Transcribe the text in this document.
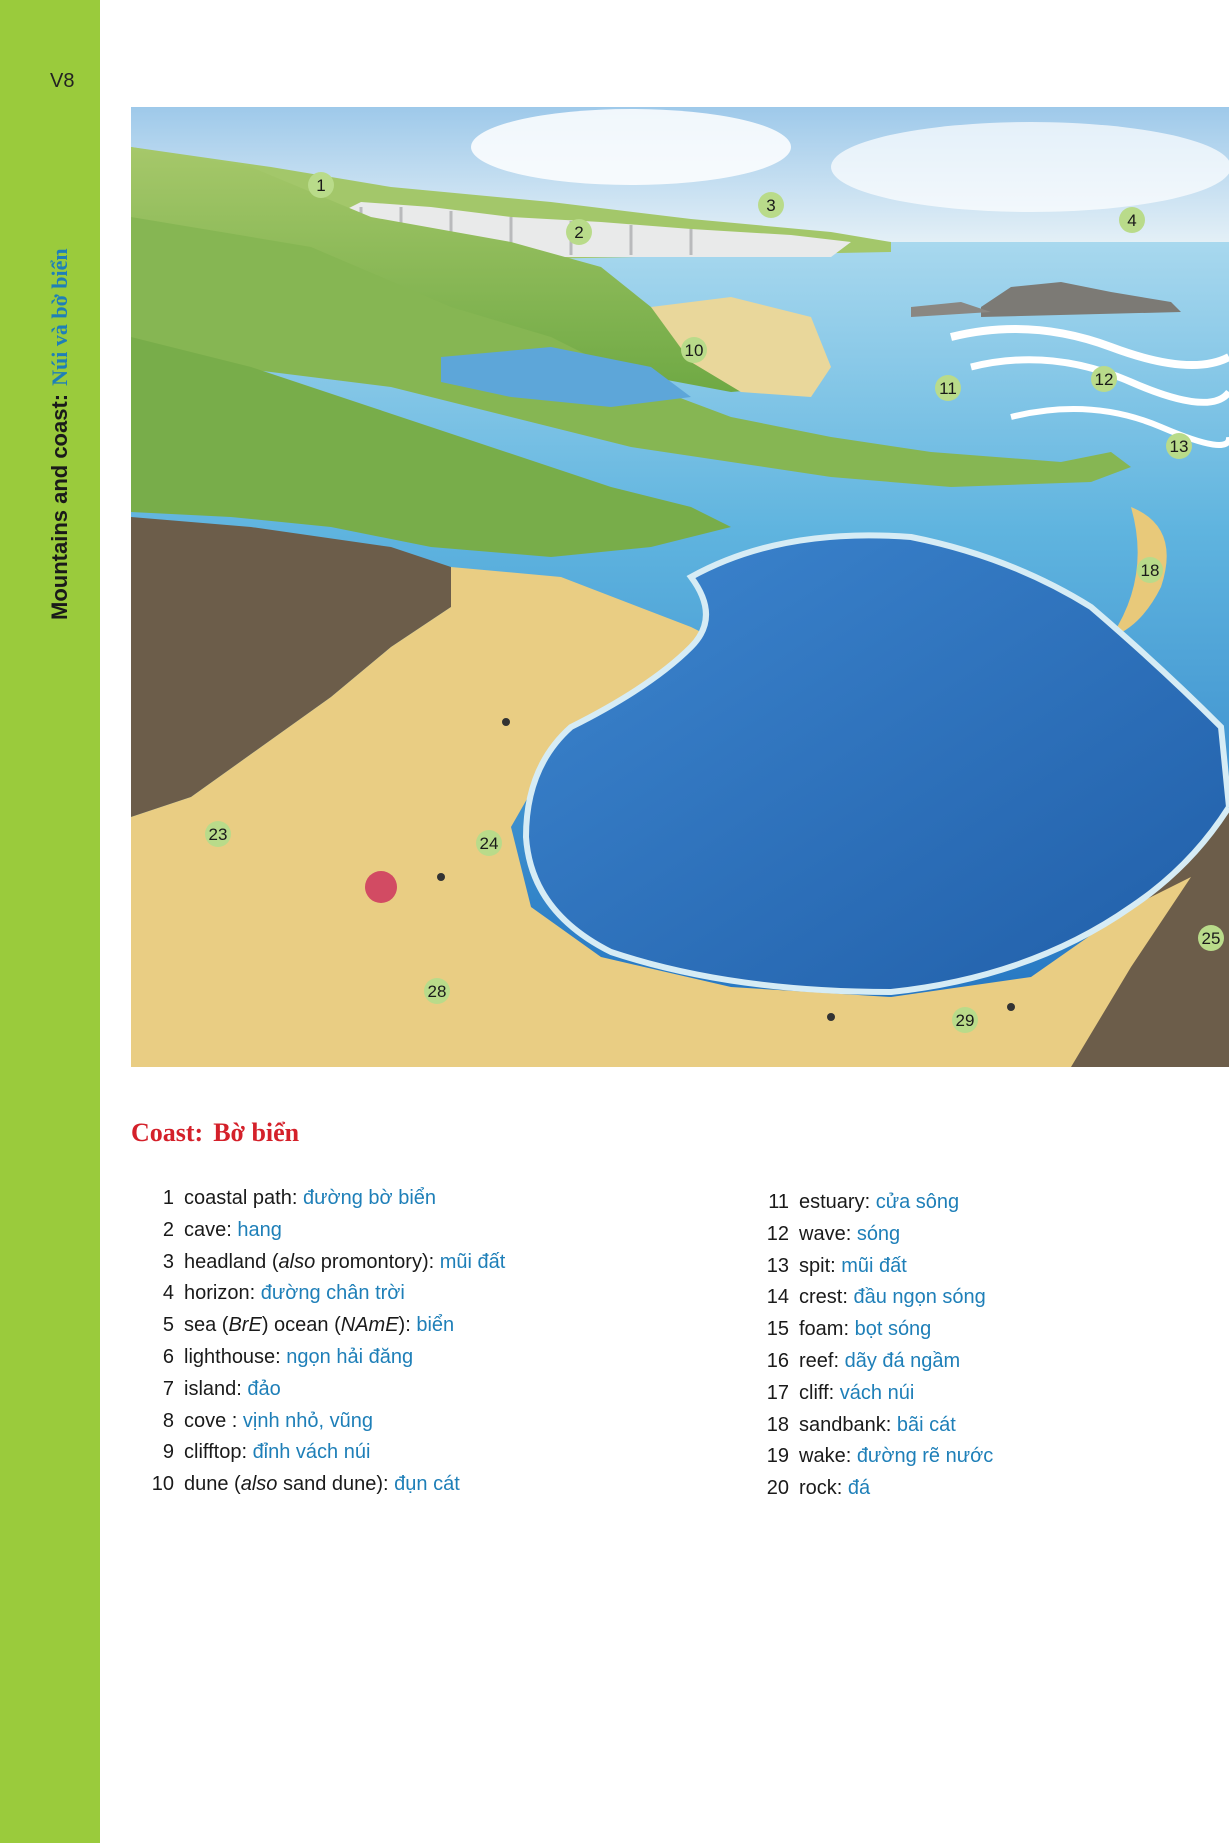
V8
Mountains and coast:Núi và bờ biển
1
2
3
4
10
11	12
13
18
23	24
25
28
29
Coast: Bờ biển
1 coastal path: đường bờ biển
2 cave: hang
3 headland (also promontory): mũi đất
4 horizon: đường chân trời
5 sea (BrE) ocean (NAmE): biển
6 lighthouse: ngọn hải đăng
7 island: đảo
8 cove : vịnh nhỏ, vũng
9 clifftop: đỉnh vách núi
10 dune (also sand dune): đụn cát
11 estuary: cửa sông
12 wave: sóng
13 spit: mũi đất
14 crest: đầu ngọn sóng
15 foam: bọt sóng
16 reef: dãy đá ngầm
17 cliff: vách núi
18 sandbank: bãi cát
19 wake: đường rẽ nước
20 rock: đá
